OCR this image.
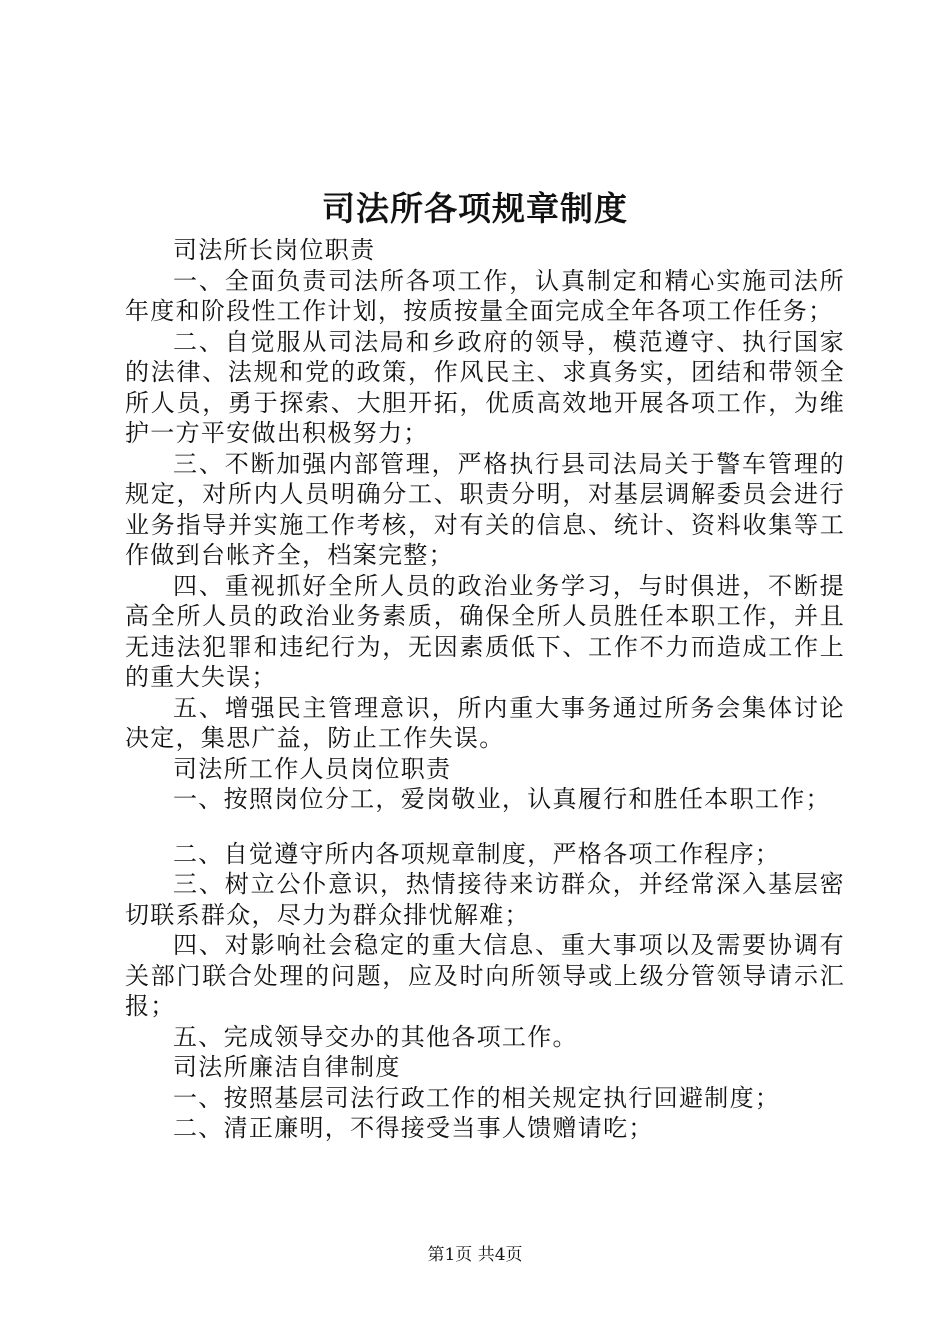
司法所各项规章制度

司法所长岗位职责

一、全面负责司法所各项工作，认真制定和精心实施司法所年度和阶段性工作计划，按质按量全面完成全年各项工作任务；

二、自觉服从司法局和乡政府的领导，模范遵守、执行国家的法律、法规和党的政策，作风民主、求真务实，团结和带领全所人员，勇于探索、大胆开拓，优质高效地开展各项工作，为维护一方平安做出积极努力；

三、不断加强内部管理，严格执行县司法局关于警车管理的规定，对所内人员明确分工、职责分明，对基层调解委员会进行业务指导并实施工作考核，对有关的信息、统计、资料收集等工作做到台帐齐全，档案完整；

四、重视抓好全所人员的政治业务学习，与时俱进，不断提高全所人员的政治业务素质，确保全所人员胜任本职工作，并且无违法犯罪和违纪行为，无因素质低下、工作不力而造成工作上的重大失误；

五、增强民主管理意识，所内重大事务通过所务会集体讨论决定，集思广益，防止工作失误。

司法所工作人员岗位职责

一、按照岗位分工，爱岗敬业，认真履行和胜任本职工作；

二、自觉遵守所内各项规章制度，严格各项工作程序；

三、树立公仆意识，热情接待来访群众，并经常深入基层密切联系群众，尽力为群众排忧解难；

四、对影响社会稳定的重大信息、重大事项以及需要协调有关部门联合处理的问题，应及时向所领导或上级分管领导请示汇报；

五、完成领导交办的其他各项工作。

司法所廉洁自律制度

一、按照基层司法行政工作的相关规定执行回避制度；

二、清正廉明，不得接受当事人馈赠请吃；

第1页 共4页
